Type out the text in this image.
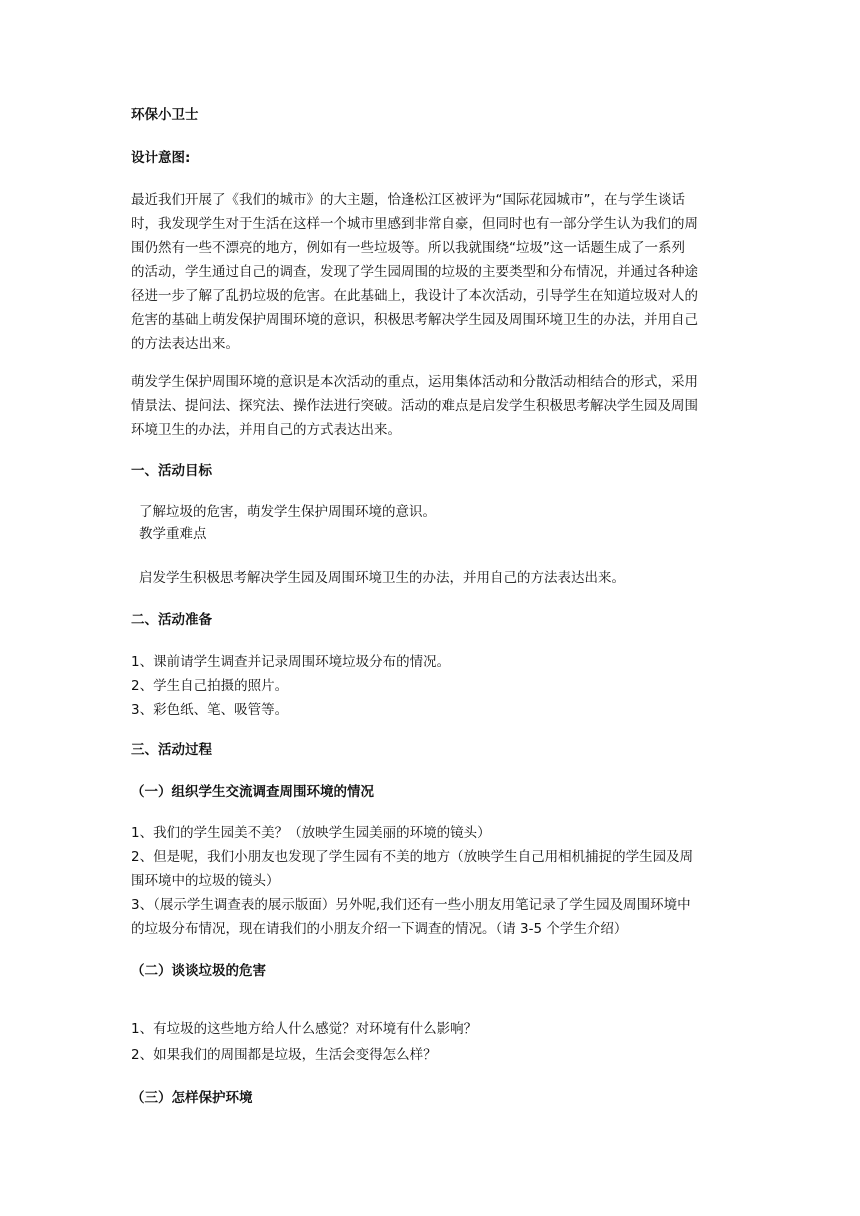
环保小卫士
设计意图:
最近我们开展了《我们的城市》的大主题，恰逢松江区被评为“国际花园城市”，在与学生谈话
时，我发现学生对于生活在这样一个城市里感到非常自豪，但同时也有一部分学生认为我们的周
围仍然有一些不漂亮的地方，例如有一些垃圾等。所以我就围绕“垃圾”这一话题生成了一系列
的活动，学生通过自己的调查，发现了学生园周围的垃圾的主要类型和分布情况，并通过各种途
径进一步了解了乱扔垃圾的危害。在此基础上，我设计了本次活动，引导学生在知道垃圾对人的
危害的基础上萌发保护周围环境的意识，积极思考解决学生园及周围环境卫生的办法，并用自己
的方法表达出来。
萌发学生保护周围环境的意识是本次活动的重点，运用集体活动和分散活动相结合的形式，采用
情景法、提问法、探究法、操作法进行突破。活动的难点是启发学生积极思考解决学生园及周围
环境卫生的办法，并用自己的方式表达出来。
一、活动目标
了解垃圾的危害，萌发学生保护周围环境的意识。
教学重难点
启发学生积极思考解决学生园及周围环境卫生的办法，并用自己的方法表达出来。
二、活动准备
1、课前请学生调查并记录周围环境垃圾分布的情况。
2、学生自己拍摄的照片。
3、彩色纸、笔、吸管等。
三、活动过程
（一）组织学生交流调查周围环境的情况
1、我们的学生园美不美？（放映学生园美丽的环境的镜头）
2、但是呢，我们小朋友也发现了学生园有不美的地方（放映学生自己用相机捕捉的学生园及周
围环境中的垃圾的镜头）
3、（展示学生调查表的展示版面）另外呢,我们还有一些小朋友用笔记录了学生园及周围环境中
的垃圾分布情况，现在请我们的小朋友介绍一下调查的情况。（请 3-5 个学生介绍）
（二）谈谈垃圾的危害
1、有垃圾的这些地方给人什么感觉？对环境有什么影响？
2、如果我们的周围都是垃圾，生活会变得怎么样？
（三）怎样保护环境
